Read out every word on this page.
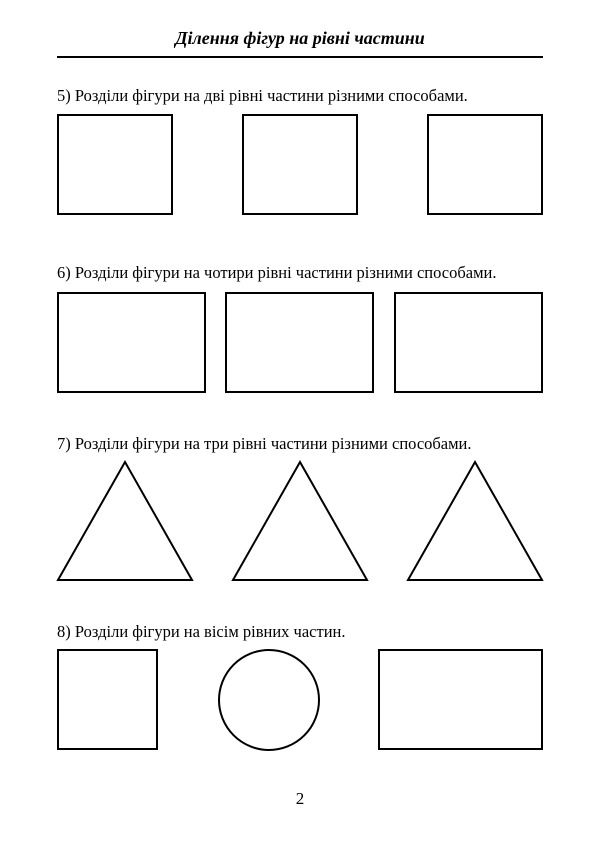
Ділення фігур на рівні частини
5) Розділи фігури на дві рівні частини різними способами.
6) Розділи фігури на чотири рівні частини різними способами.
7) Розділи фігури на три рівні частини різними способами.
8) Розділи фігури на вісім рівних частин.
2
